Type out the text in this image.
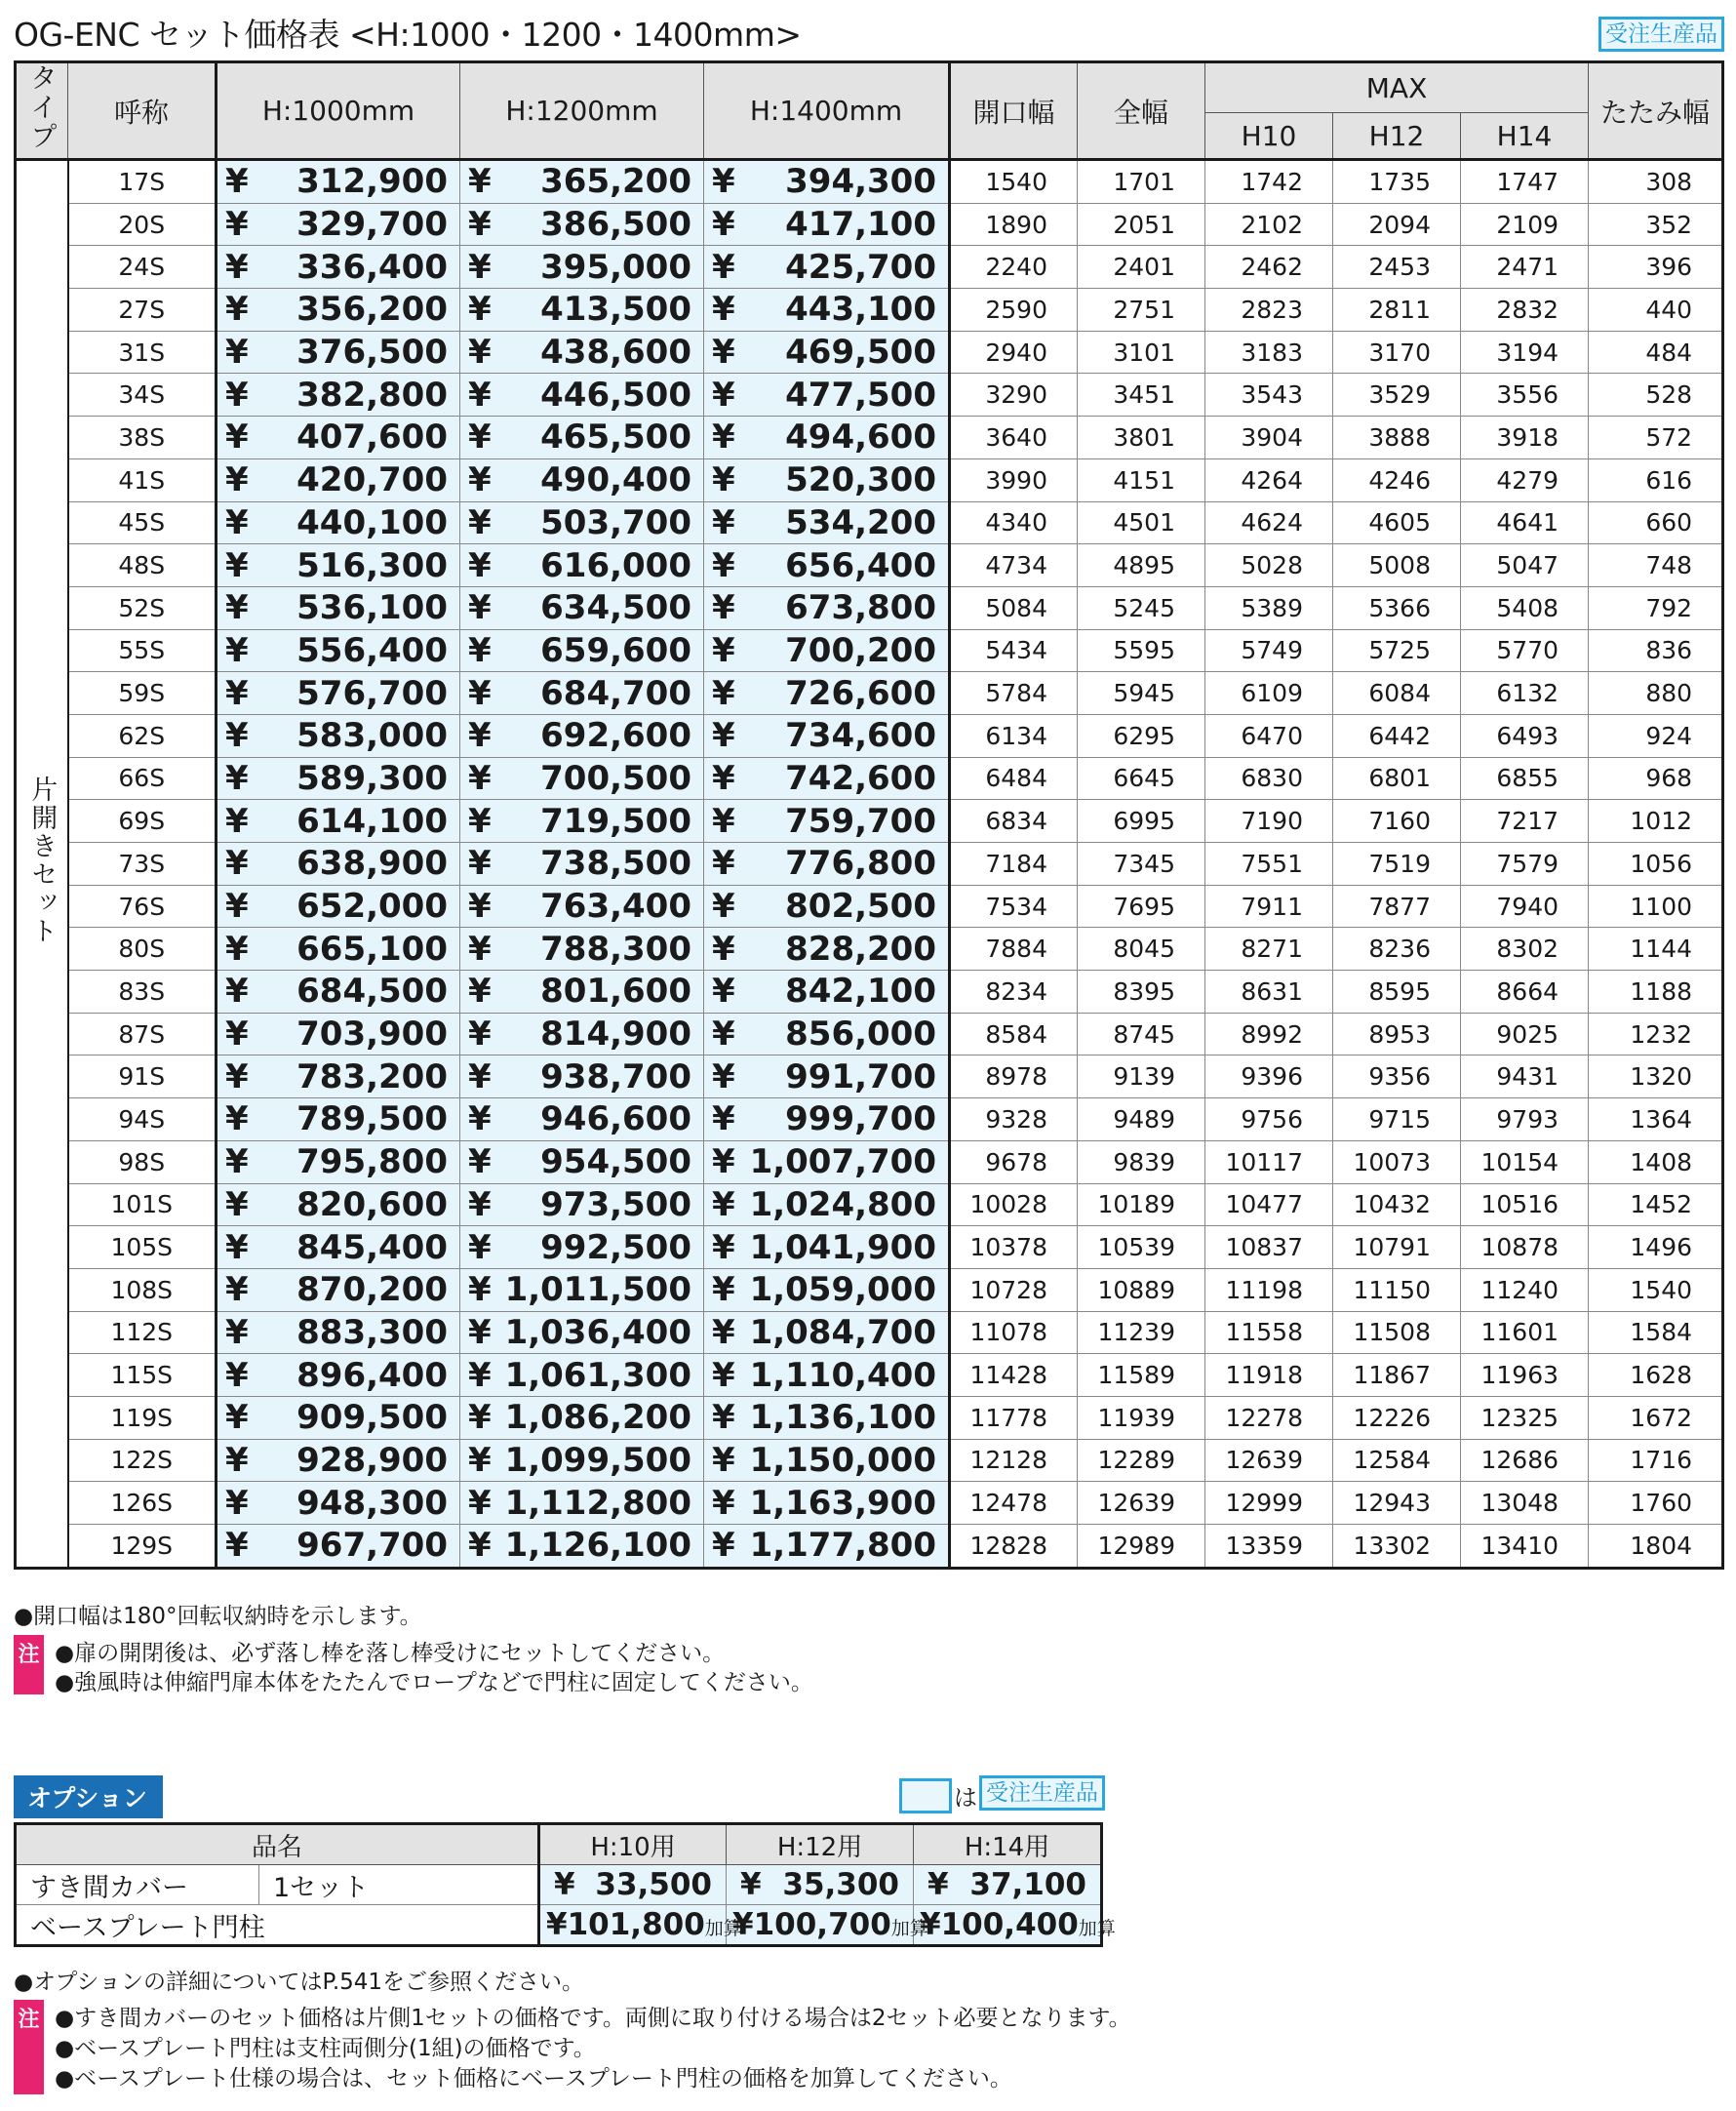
OG-ENC セット価格表 <H:1000・1200・1400mm>	受注生産品
タイプ	呼称	H:1000mm	H:1200mm	H:1400mm	開口幅	全幅	MAX			たたみ幅
							H10	H12	H14	
片開きセット	17S	¥ 312,900	¥ 365,200	¥ 394,300	1540	1701	1742	1735	1747	308
	20S	¥ 329,700	¥ 386,500	¥ 417,100	1890	2051	2102	2094	2109	352
	24S	¥ 336,400	¥ 395,000	¥ 425,700	2240	2401	2462	2453	2471	396
	27S	¥ 356,200	¥ 413,500	¥ 443,100	2590	2751	2823	2811	2832	440
	31S	¥ 376,500	¥ 438,600	¥ 469,500	2940	3101	3183	3170	3194	484
	34S	¥ 382,800	¥ 446,500	¥ 477,500	3290	3451	3543	3529	3556	528
	38S	¥ 407,600	¥ 465,500	¥ 494,600	3640	3801	3904	3888	3918	572
	41S	¥ 420,700	¥ 490,400	¥ 520,300	3990	4151	4264	4246	4279	616
	45S	¥ 440,100	¥ 503,700	¥ 534,200	4340	4501	4624	4605	4641	660
	48S	¥ 516,300	¥ 616,000	¥ 656,400	4734	4895	5028	5008	5047	748
	52S	¥ 536,100	¥ 634,500	¥ 673,800	5084	5245	5389	5366	5408	792
	55S	¥ 556,400	¥ 659,600	¥ 700,200	5434	5595	5749	5725	5770	836
	59S	¥ 576,700	¥ 684,700	¥ 726,600	5784	5945	6109	6084	6132	880
	62S	¥ 583,000	¥ 692,600	¥ 734,600	6134	6295	6470	6442	6493	924
	66S	¥ 589,300	¥ 700,500	¥ 742,600	6484	6645	6830	6801	6855	968
	69S	¥ 614,100	¥ 719,500	¥ 759,700	6834	6995	7190	7160	7217	1012
	73S	¥ 638,900	¥ 738,500	¥ 776,800	7184	7345	7551	7519	7579	1056
	76S	¥ 652,000	¥ 763,400	¥ 802,500	7534	7695	7911	7877	7940	1100
	80S	¥ 665,100	¥ 788,300	¥ 828,200	7884	8045	8271	8236	8302	1144
	83S	¥ 684,500	¥ 801,600	¥ 842,100	8234	8395	8631	8595	8664	1188
	87S	¥ 703,900	¥ 814,900	¥ 856,000	8584	8745	8992	8953	9025	1232
	91S	¥ 783,200	¥ 938,700	¥ 991,700	8978	9139	9396	9356	9431	1320
	94S	¥ 789,500	¥ 946,600	¥ 999,700	9328	9489	9756	9715	9793	1364
	98S	¥ 795,800	¥ 954,500	¥ 1,007,700	9678	9839	10117	10073	10154	1408
	101S	¥ 820,600	¥ 973,500	¥ 1,024,800	10028	10189	10477	10432	10516	1452
	105S	¥ 845,400	¥ 992,500	¥ 1,041,900	10378	10539	10837	10791	10878	1496
	108S	¥ 870,200	¥ 1,011,500	¥ 1,059,000	10728	10889	11198	11150	11240	1540
	112S	¥ 883,300	¥ 1,036,400	¥ 1,084,700	11078	11239	11558	11508	11601	1584
	115S	¥ 896,400	¥ 1,061,300	¥ 1,110,400	11428	11589	11918	11867	11963	1628
	119S	¥ 909,500	¥ 1,086,200	¥ 1,136,100	11778	11939	12278	12226	12325	1672
	122S	¥ 928,900	¥ 1,099,500	¥ 1,150,000	12128	12289	12639	12584	12686	1716
	126S	¥ 948,300	¥ 1,112,800	¥ 1,163,900	12478	12639	12999	12943	13048	1760
	129S	¥ 967,700	¥ 1,126,100	¥ 1,177,800	12828	12989	13359	13302	13410	1804
●開口幅は180°回転収納時を示します。
注 ●扉の開閉後は、必ず落し棒を落し棒受けにセットしてください。
●強風時は伸縮門扉本体をたたんでロープなどで門柱に固定してください。
オプション	は 受注生産品
品名		H:10用	H:12用	H:14用
すき間カバー	1セット	¥ 33,500	¥ 35,300	¥ 37,100

ベースプレート門柱		¥101,800 加算	¥100,700 加算	¥100,400 加算
●オプションの詳細についてはP.541をご参照ください。
注 ●すき間カバーのセット価格は片側1セットの価格です。両側に取り付ける場合は2セット必要となります。
●ベースプレート門柱は支柱両側分(1組)の価格です。
●ベースプレート仕様の場合は、セット価格にベースプレート門柱の価格を加算してください。
